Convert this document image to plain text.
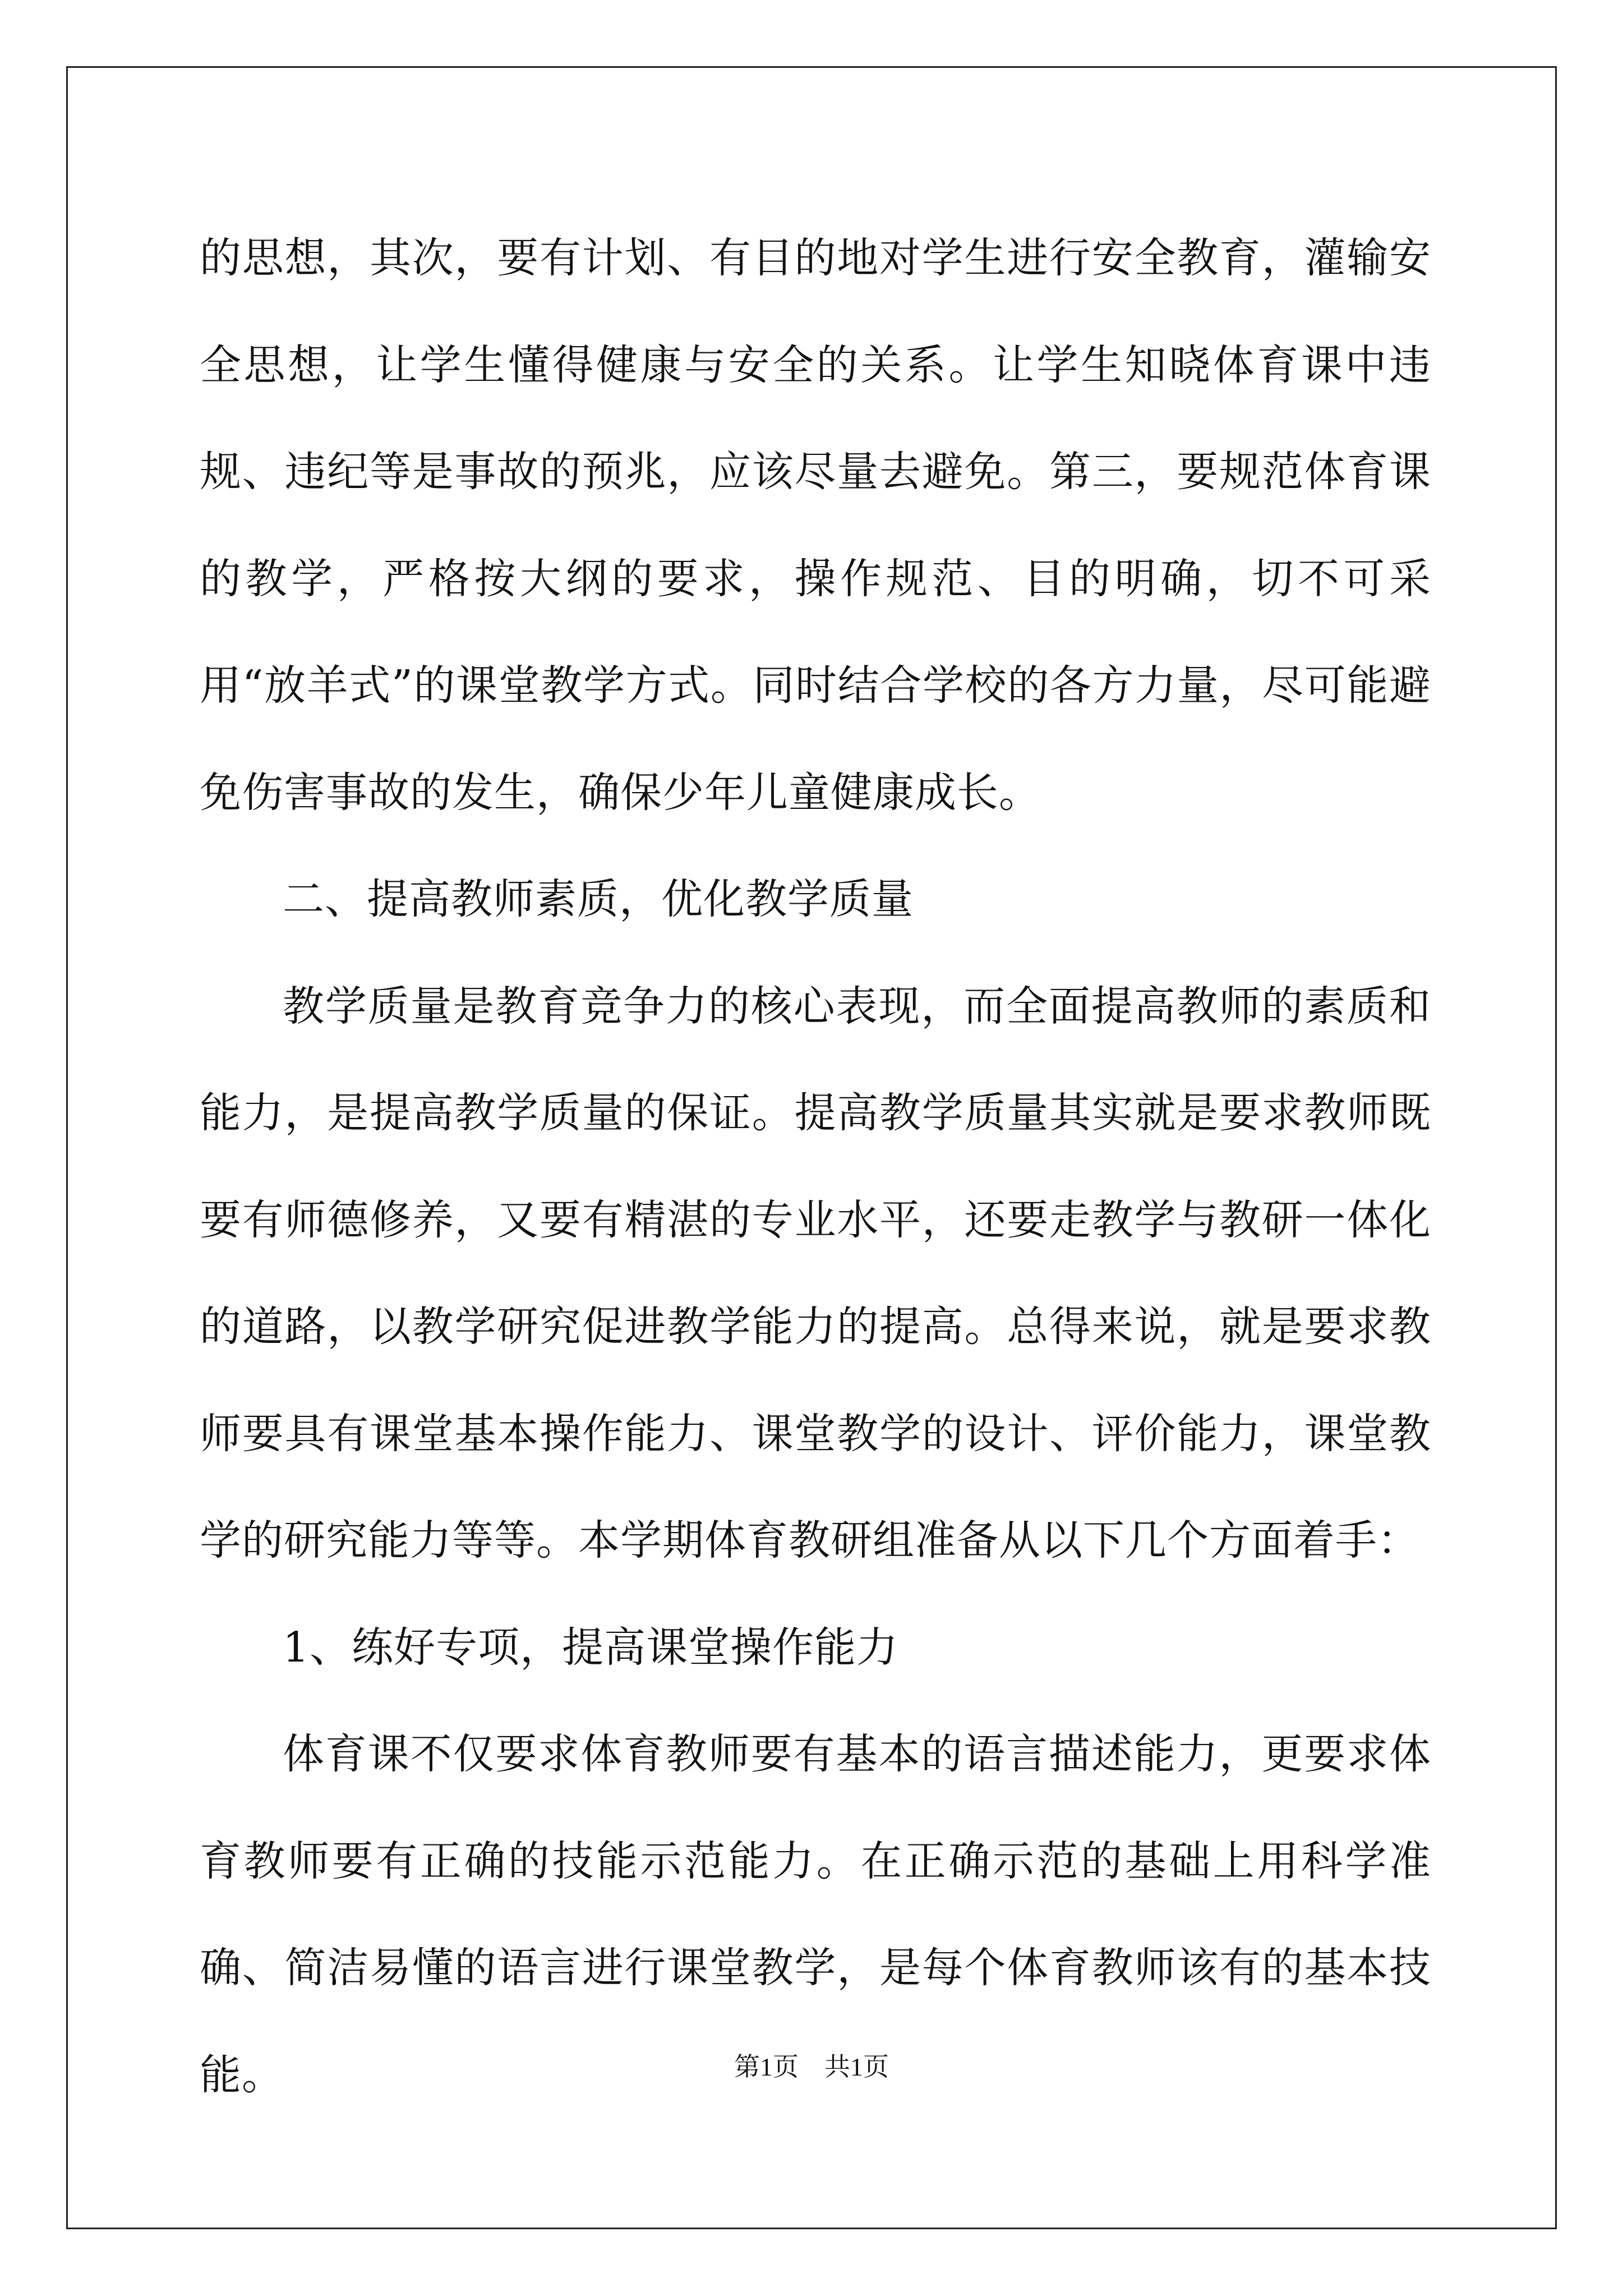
的思想，其次，要有计划、有目的地对学生进行安全教育，灌输安全思想，让学生懂得健康与安全的关系。让学生知晓体育课中违规、违纪等是事故的预兆，应该尽量去避免。第三，要规范体育课的教学，严格按大纲的要求，操作规范、目的明确，切不可采用“放羊式”的课堂教学方式。同时结合学校的各方力量，尽可能避免伤害事故的发生，确保少年儿童健康成长。

二、提高教师素质，优化教学质量

教学质量是教育竞争力的核心表现，而全面提高教师的素质和能力，是提高教学质量的保证。提高教学质量其实就是要求教师既要有师德修养，又要有精湛的专业水平，还要走教学与教研一体化的道路，以教学研究促进教学能力的提高。总得来说，就是要求教师要具有课堂基本操作能力、课堂教学的设计、评价能力，课堂教学的研究能力等等。本学期体育教研组准备从以下几个方面着手：

1、练好专项，提高课堂操作能力

体育课不仅要求体育教师要有基本的语言描述能力，更要求体育教师要有正确的技能示范能力。在正确示范的基础上用科学准确、简洁易懂的语言进行课堂教学，是每个体育教师该有的基本技能。	第1页 共1页
